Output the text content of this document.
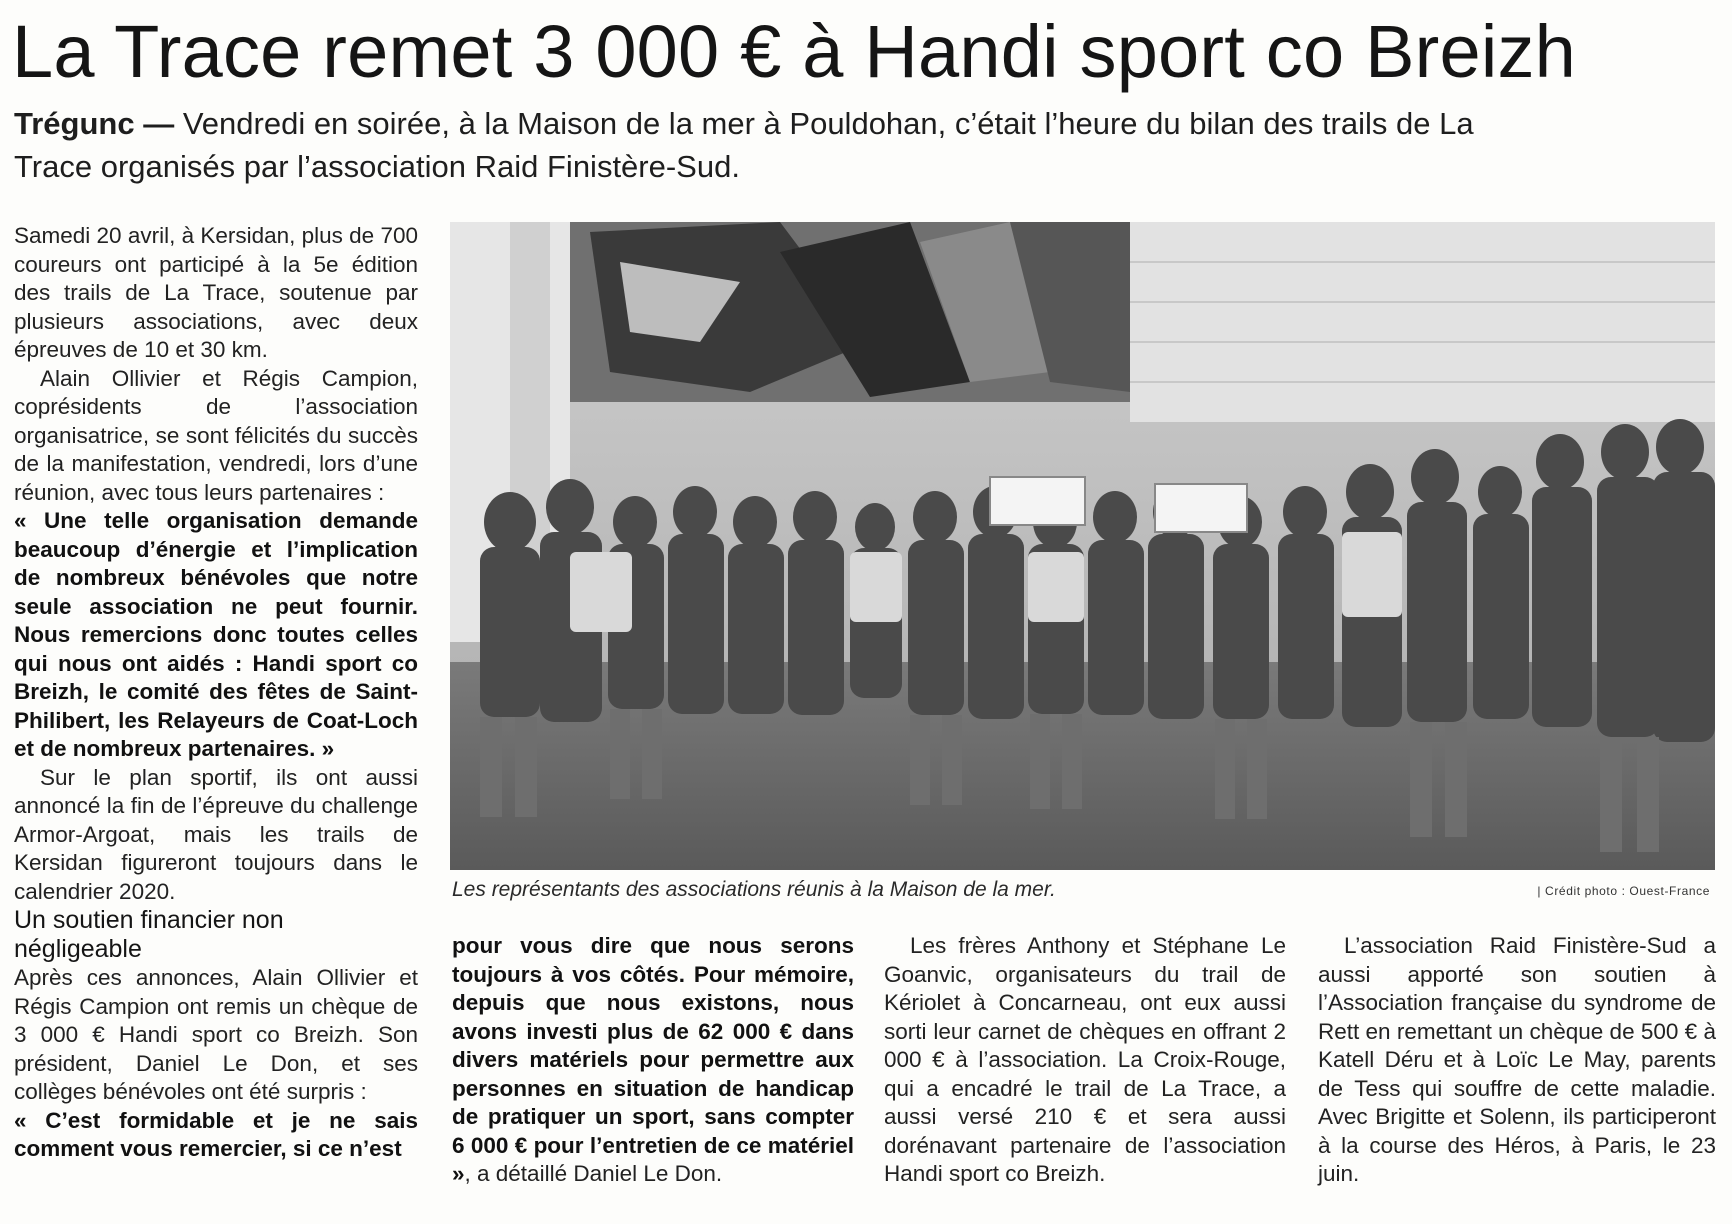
La Trace remet 3 000 € à Handi sport co Breizh
Trégunc — Vendredi en soirée, à la Maison de la mer à Pouldohan, c’était l’heure du bilan des trails de La Trace organisés par l’association Raid Finistère-Sud.

Samedi 20 avril, à Kersidan, plus de 700 coureurs ont participé à la 5e édition des trails de La Trace, soutenue par plusieurs associations, avec deux épreuves de 10 et 30 km.

Alain Ollivier et Régis Campion, coprésidents de l’association organisatrice, se sont félicités du succès de la manifestation, vendredi, lors d’une réunion, avec tous leurs partenaires :

« Une telle organisation demande beaucoup d’énergie et l’implication de nombreux bénévoles que notre seule association ne peut fournir. Nous remercions donc toutes celles qui nous ont aidés : Handi sport co Breizh, le comité des fêtes de Saint-Philibert, les Relayeurs de Coat-Loch et de nombreux partenaires. »

Sur le plan sportif, ils ont aussi annoncé la fin de l’épreuve du challenge Armor-Argoat, mais les trails de Kersidan figureront toujours dans le calendrier 2020.

Un soutien financier non négligeable

Après ces annonces, Alain Ollivier et Régis Campion ont remis un chèque de 3 000 € Handi sport co Breizh. Son président, Daniel Le Don, et ses collèges bénévoles ont été surpris :

« C’est formidable et je ne sais comment vous remercier, si ce n’est

Les représentants des associations réunis à la Maison de la mer.	| Crédit photo : Ouest-France

pour vous dire que nous serons toujours à vos côtés. Pour mémoire, depuis que nous existons, nous avons investi plus de 62 000 € dans divers matériels pour permettre aux personnes en situation de handicap de pratiquer un sport, sans compter 6 000 € pour l’entretien de ce matériel », a détaillé Daniel Le Don.

Les frères Anthony et Stéphane Le Goanvic, organisateurs du trail de Kériolet à Concarneau, ont eux aussi sorti leur carnet de chèques en offrant 2 000 € à l’association. La Croix-Rouge, qui a encadré le trail de La Trace, a aussi versé 210 € et sera aussi dorénavant partenaire de l’association Handi sport co Breizh.

L’association Raid Finistère-Sud a aussi apporté son soutien à l’Association française du syndrome de Rett en remettant un chèque de 500 € à Katell Déru et à Loïc Le May, parents de Tess qui souffre de cette maladie. Avec Brigitte et Solenn, ils participeront à la course des Héros, à Paris, le 23 juin.
